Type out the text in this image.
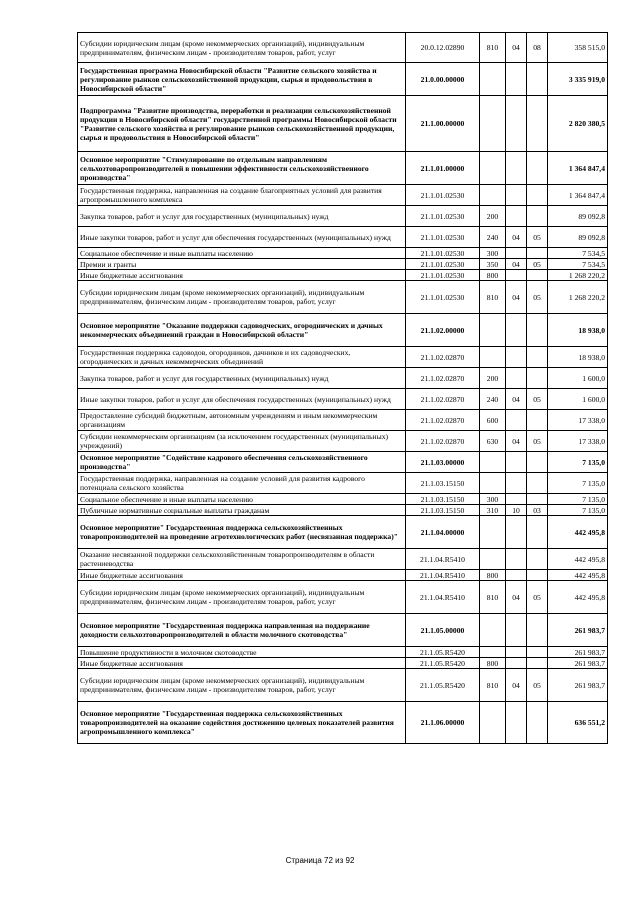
Субсидии юридическим лицам (кроме некоммерческих организаций), индивидуальным предпринимателям, физическим лицам - производителям товаров, работ, услуг	20.0.12.02890	810	04	08	358 515,0
Государственная программа Новосибирской области "Развитие сельского хозяйства и регулирование рынков сельскохозяйственной продукции, сырья и продовольствия в Новосибирской области"	21.0.00.00000				3 335 919,0
Подпрограмма "Развитие производства, переработки и реализации сельскохозяйственной продукции в Новосибирской области" государственной программы Новосибирской области "Развитие сельского хозяйства и регулирование рынков сельскохозяйственной продукции, сырья и продовольствия в Новосибирской области"	21.1.00.00000				2 820 380,5
Основное мероприятие "Стимулирование по отдельным направлениям сельхозтоваропроизводителей в повышении эффективности сельскохозяйственного производства"	21.1.01.00000				1 364 847,4
Государственная поддержка, направленная на создание благоприятных условий для развития агропромышленного комплекса	21.1.01.02530				1 364 847,4
Закупка товаров, работ и услуг для государственных (муниципальных) нужд	21.1.01.02530	200			89 092,8
Иные закупки товаров, работ и услуг для обеспечения государственных (муниципальных) нужд	21.1.01.02530	240	04	05	89 092,8
Социальное обеспечение и иные выплаты населению	21.1.01.02530	300			7 534,5
Премии и гранты	21.1.01.02530	350	04	05	7 534,5
Иные бюджетные ассигнования	21.1.01.02530	800			1 268 220,2
Субсидии юридическим лицам (кроме некоммерческих организаций), индивидуальным предпринимателям, физическим лицам - производителям товаров, работ, услуг	21.1.01.02530	810	04	05	1 268 220,2
Основное мероприятие "Оказание поддержки садоводческих, огороднических и дачных некоммерческих объединений граждан в Новосибирской области"	21.1.02.00000				18 938,0
Государственная поддержка садоводов, огородников, дачников и их садоводческих, огороднических и дачных некоммерческих объединений	21.1.02.02870				18 938,0
Закупка товаров, работ и услуг для государственных (муниципальных) нужд	21.1.02.02870	200			1 600,0
Иные закупки товаров, работ и услуг для обеспечения государственных (муниципальных) нужд	21.1.02.02870	240	04	05	1 600,0
Предоставление субсидий бюджетным, автономным учреждениям и иным некоммерческим организациям	21.1.02.02870	600			17 338,0
Субсидии некоммерческим организациям (за исключением государственных (муниципальных) учреждений)	21.1.02.02870	630	04	05	17 338,0
Основное мероприятие "Содействие кадрового обеспечения сельскохозяйственного производства"	21.1.03.00000				7 135,0
Государственная поддержка, направленная на создание условий для развития кадрового потенциала сельского хозяйства	21.1.03.15150				7 135,0
Социальное обеспечение и иные выплаты населению	21.1.03.15150	300			7 135,0
Публичные нормативные социальные выплаты гражданам	21.1.03.15150	310	10	03	7 135,0
Основное мероприятие" Государственная поддержка сельскохозяйственных товаропроизводителей на проведение агротехнологических работ (несвязанная поддержка)"	21.1.04.00000				442 495,8
Оказание несвязанной поддержки сельскохозяйственным товаропроизводителям в области растениеводства	21.1.04.R5410				442 495,8
Иные бюджетные ассигнования	21.1.04.R5410	800			442 495,8
Субсидии юридическим лицам (кроме некоммерческих организаций), индивидуальным предпринимателям, физическим лицам - производителям товаров, работ, услуг	21.1.04.R5410	810	04	05	442 495,8
Основное мероприятие "Государственная поддержка направленная на поддержание доходности сельхозтоваропроизводителей в области молочного скотоводства"	21.1.05.00000				261 983,7
Повышение продуктивности в молочном скотоводстве	21.1.05.R5420				261 983,7
Иные бюджетные ассигнования	21.1.05.R5420	800			261 983,7
Субсидии юридическим лицам (кроме некоммерческих организаций), индивидуальным предпринимателям, физическим лицам - производителям товаров, работ, услуг	21.1.05.R5420	810	04	05	261 983,7
Основное мероприятие "Государственная поддержка сельскохозяйственных товаропроизводителей на оказание содействия достижению целевых показателей развития агропромышленного комплекса"	21.1.06.00000				636 551,2
Страница 72 из 92
